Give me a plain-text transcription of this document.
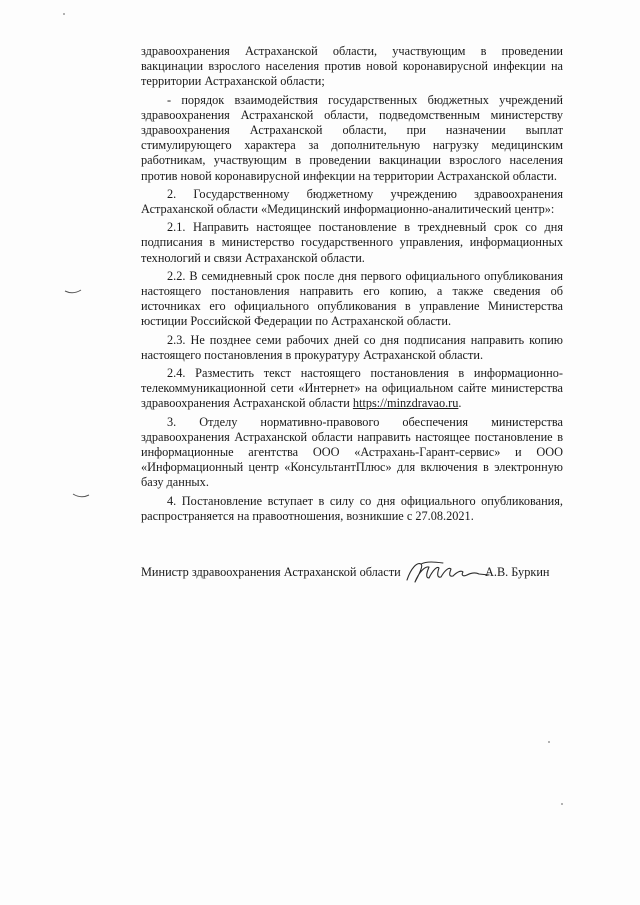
здравоохранения Астраханской области, участвующим в проведении вакцинации взрослого населения против новой коронавирусной инфекции на территории Астраханской области;

- порядок взаимодействия государственных бюджетных учреждений здравоохранения Астраханской области, подведомственным министерству здравоохранения Астраханской области, при назначении выплат стимулирующего характера за дополнительную нагрузку медицинским работникам, участвующим в проведении вакцинации взрослого населения против новой коронавирусной инфекции на территории Астраханской области.

2. Государственному бюджетному учреждению здравоохранения Астраханской области «Медицинский информационно-аналитический центр»:

2.1. Направить настоящее постановление в трехдневный срок со дня подписания в министерство государственного управления, информационных технологий и связи Астраханской области.

2.2. В семидневный срок после дня первого официального опубликования настоящего постановления направить его копию, а также сведения об источниках его официального опубликования в управление Министерства юстиции Российской Федерации по Астраханской области.

2.3. Не позднее семи рабочих дней со дня подписания направить копию настоящего постановления в прокуратуру Астраханской области.

2.4. Разместить текст настоящего постановления в информационно-телекоммуникационной сети «Интернет» на официальном сайте министерства здравоохранения Астраханской области https://minzdravao.ru.

3. Отделу нормативно-правового обеспечения министерства здравоохранения Астраханской области направить настоящее постановление в информационные агентства ООО «Астрахань-Гарант-сервис» и ООО «Информационный центр «КонсультантПлюс» для включения в электронную базу данных.

4. Постановление вступает в силу со дня официального опубликования, распространяется на правоотношения, возникшие с 27.08.2021.

Министр здравоохранения Астраханской области	А.В. Буркин
